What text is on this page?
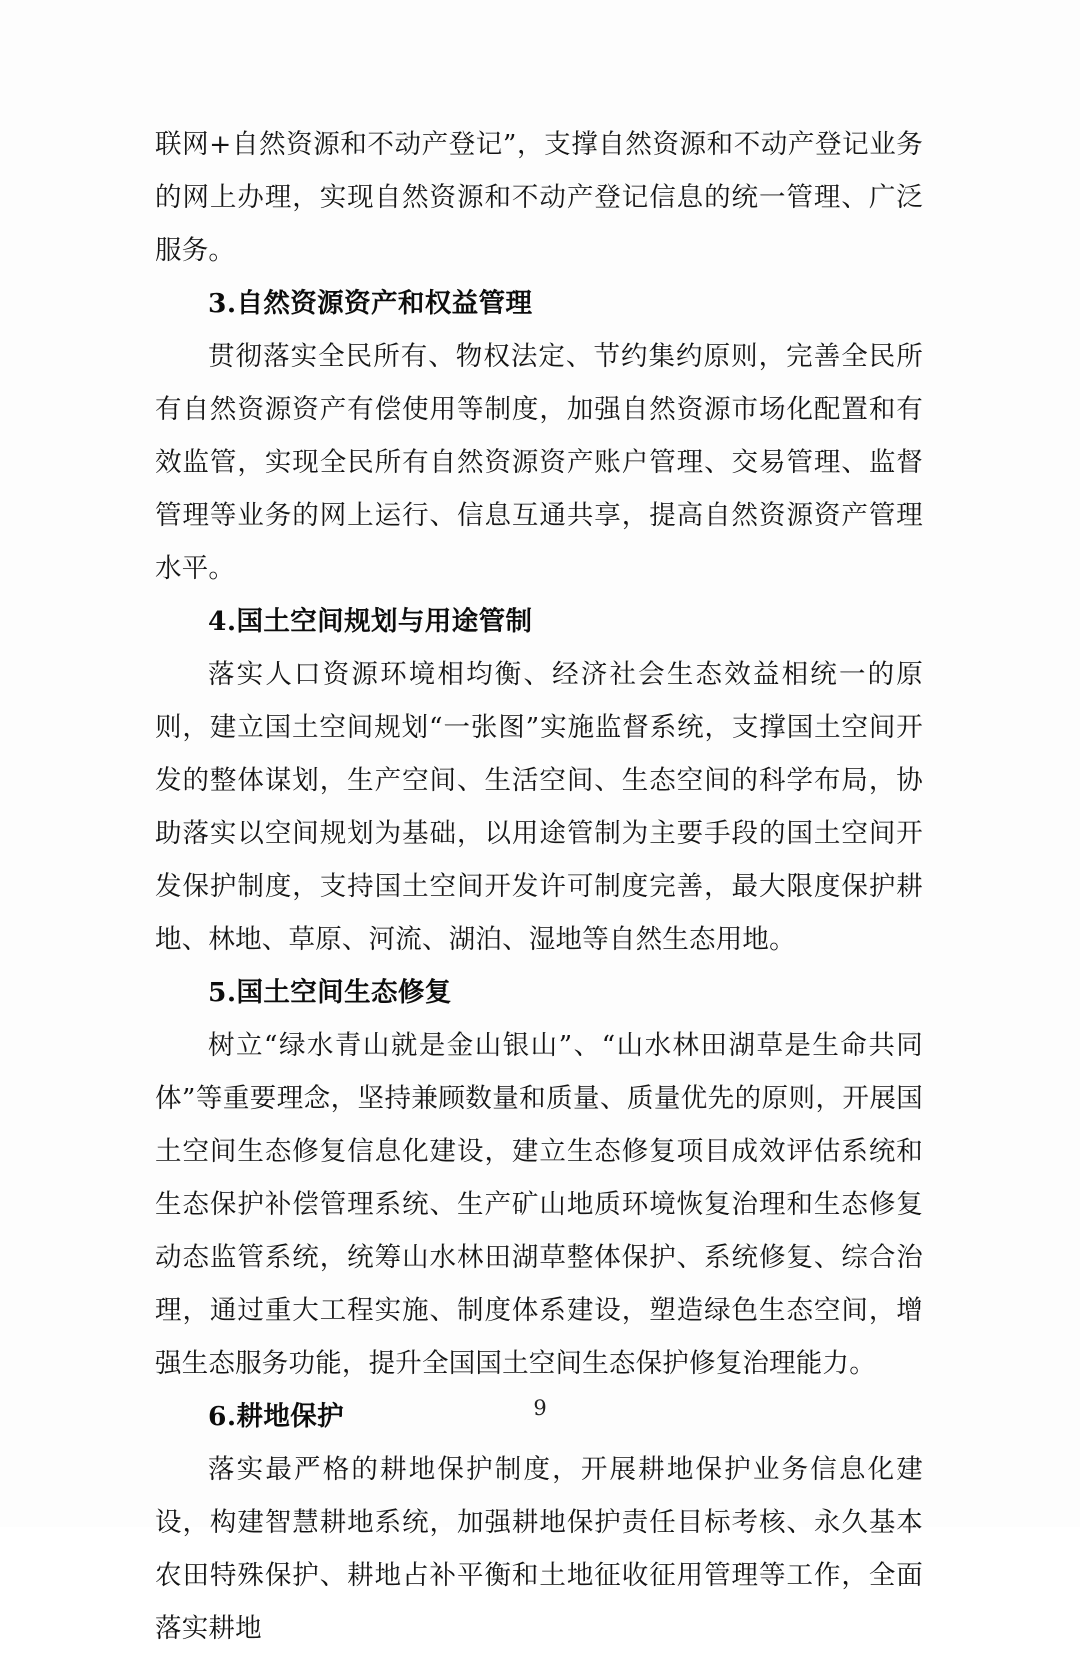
联网+自然资源和不动产登记”，支撑自然资源和不动产登记业务的网上办理，实现自然资源和不动产登记信息的统一管理、广泛服务。

3.自然资源资产和权益管理

贯彻落实全民所有、物权法定、节约集约原则，完善全民所有自然资源资产有偿使用等制度，加强自然资源市场化配置和有效监管，实现全民所有自然资源资产账户管理、交易管理、监督管理等业务的网上运行、信息互通共享，提高自然资源资产管理水平。

4.国土空间规划与用途管制

落实人口资源环境相均衡、经济社会生态效益相统一的原则，建立国土空间规划“一张图”实施监督系统，支撑国土空间开发的整体谋划，生产空间、生活空间、生态空间的科学布局，协助落实以空间规划为基础，以用途管制为主要手段的国土空间开发保护制度，支持国土空间开发许可制度完善，最大限度保护耕地、林地、草原、河流、湖泊、湿地等自然生态用地。

5.国土空间生态修复

树立“绿水青山就是金山银山”、“山水林田湖草是生命共同体”等重要理念，坚持兼顾数量和质量、质量优先的原则，开展国土空间生态修复信息化建设，建立生态修复项目成效评估系统和生态保护补偿管理系统、生产矿山地质环境恢复治理和生态修复动态监管系统，统筹山水林田湖草整体保护、系统修复、综合治理，通过重大工程实施、制度体系建设，塑造绿色生态空间，增强生态服务功能，提升全国国土空间生态保护修复治理能力。

6.耕地保护

落实最严格的耕地保护制度，开展耕地保护业务信息化建设，构建智慧耕地系统，加强耕地保护责任目标考核、永久基本农田特殊保护、耕地占补平衡和土地征收征用管理等工作，全面落实耕地

9
